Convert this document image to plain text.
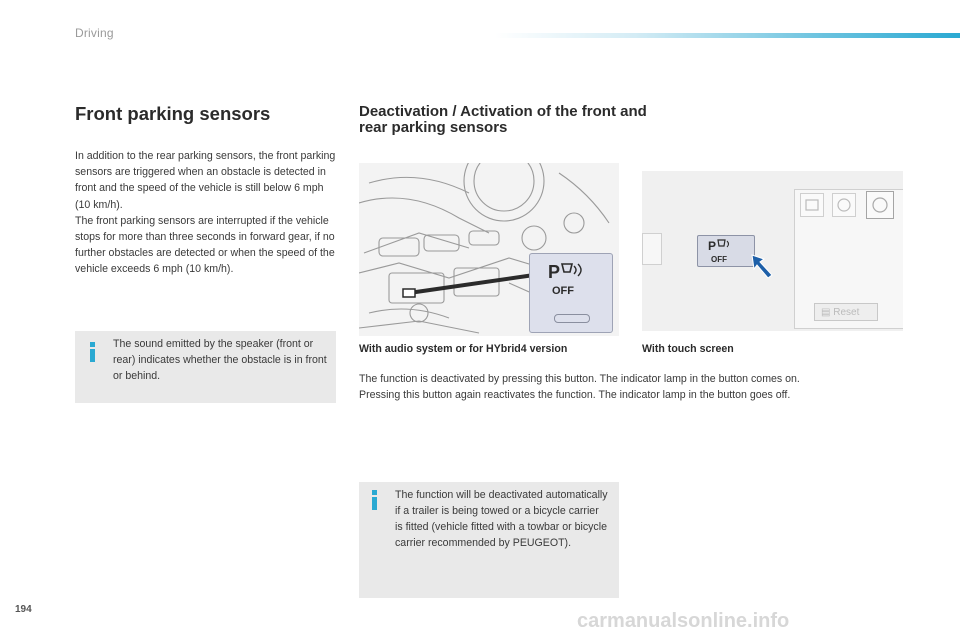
Driving
Front parking sensors

In addition to the rear parking sensors, the front parking sensors are triggered when an obstacle is detected in front and the speed of the vehicle is still below 6 mph (10 km/h).

The front parking sensors are interrupted if the vehicle stops for more than three seconds in forward gear, if no further obstacles are detected or when the speed of the vehicle exceeds 6 mph (10 km/h).

The sound emitted by the speaker (front or rear) indicates whether the obstacle is in front or behind.
Deactivation / Activation of the front and rear parking sensors
P
OFF
▤ Reset
P
OFF
With audio system or for HYbrid4 version	With touch screen

The function is deactivated by pressing this button. The indicator lamp in the button comes on.

Pressing this button again reactivates the function. The indicator lamp in the button goes off.

The function will be deactivated automatically if a trailer is being towed or a bicycle carrier is fitted (vehicle fitted with a towbar or bicycle carrier recommended by PEUGEOT).
194
carmanualsonline.info
